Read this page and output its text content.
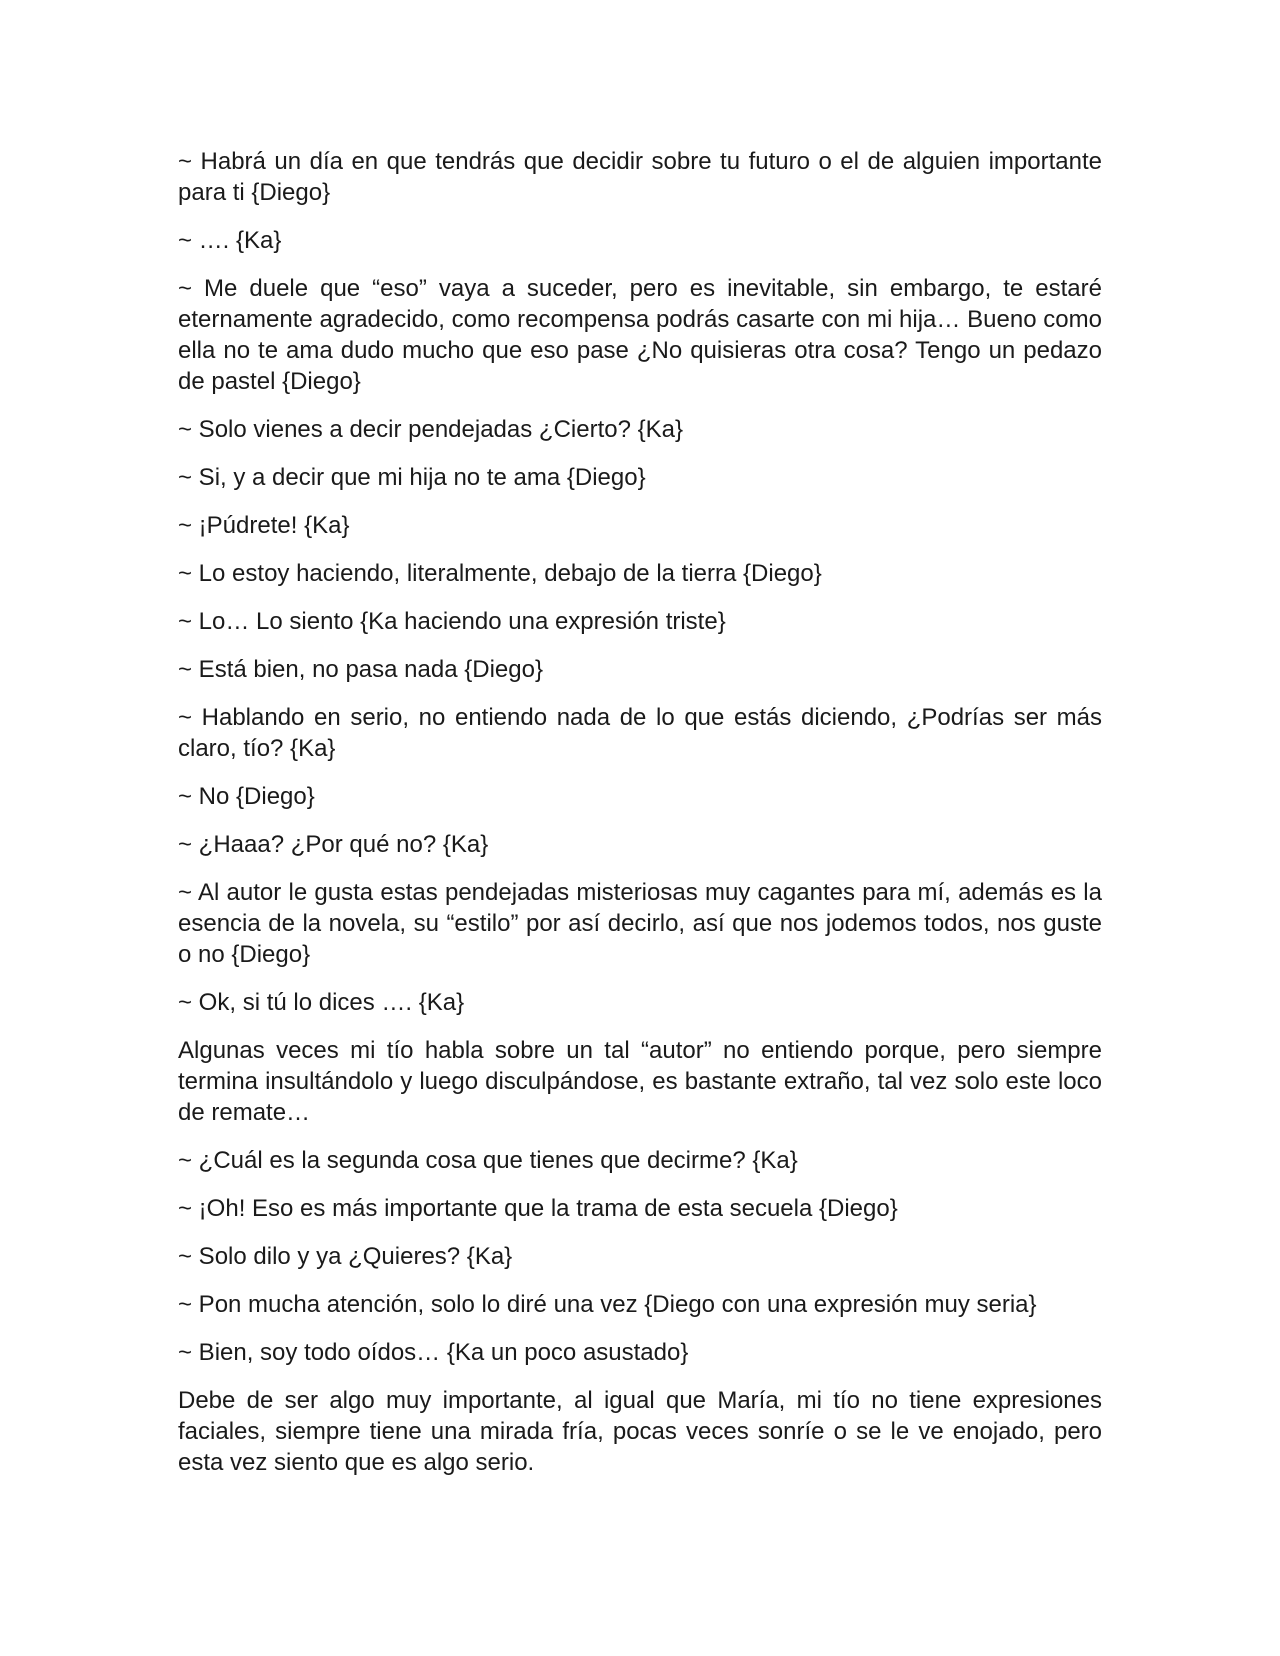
~ Habrá un día en que tendrás que decidir sobre tu futuro o el de alguien importante para ti {Diego}

~ …. {Ka}

~ Me duele que “eso” vaya a suceder, pero es inevitable, sin embargo, te estaré eternamente agradecido, como recompensa podrás casarte con mi hija… Bueno como ella no te ama dudo mucho que eso pase ¿No quisieras otra cosa? Tengo un pedazo de pastel {Diego}

~ Solo vienes a decir pendejadas ¿Cierto? {Ka}

~ Si, y a decir que mi hija no te ama {Diego}

~ ¡Púdrete! {Ka}

~ Lo estoy haciendo, literalmente, debajo de la tierra {Diego}

~ Lo… Lo siento {Ka haciendo una expresión triste}

~ Está bien, no pasa nada {Diego}

~ Hablando en serio, no entiendo nada de lo que estás diciendo, ¿Podrías ser más claro, tío? {Ka}

~ No {Diego}

~ ¿Haaa? ¿Por qué no? {Ka}

~ Al autor le gusta estas pendejadas misteriosas muy cagantes para mí, además es la esencia de la novela, su “estilo” por así decirlo, así que nos jodemos todos, nos guste o no {Diego}

~ Ok, si tú lo dices …. {Ka}

Algunas veces mi tío habla sobre un tal “autor” no entiendo porque, pero siempre termina insultándolo y luego disculpándose, es bastante extraño, tal vez solo este loco de remate…

~ ¿Cuál es la segunda cosa que tienes que decirme? {Ka}

~ ¡Oh! Eso es más importante que la trama de esta secuela {Diego}

~ Solo dilo y ya ¿Quieres? {Ka}

~ Pon mucha atención, solo lo diré una vez {Diego con una expresión muy seria}

~ Bien, soy todo oídos… {Ka un poco asustado}

Debe de ser algo muy importante, al igual que María, mi tío no tiene expresiones faciales, siempre tiene una mirada fría, pocas veces sonríe o se le ve enojado, pero esta vez siento que es algo serio.
